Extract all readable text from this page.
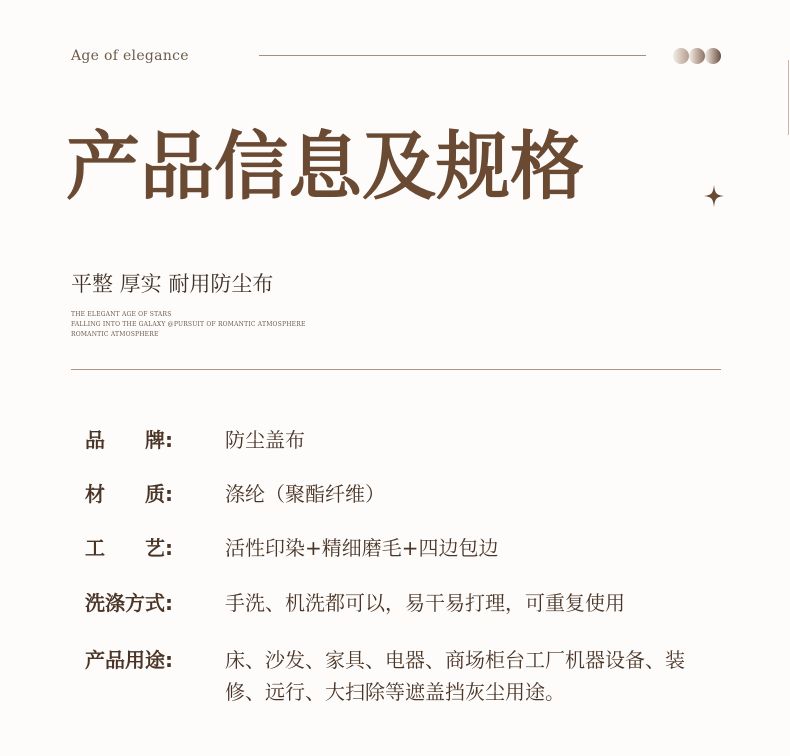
Age of elegance
产品信息及规格
平整 厚实 耐用防尘布
THE ELEGANT AGE OF STARS
FALLING INTO THE GALAXY @PURSUIT OF ROMANTIC ATMOSPHERE
ROMANTIC ATMOSPHERE
品　　牌:	防尘盖布
材　　质:	涤纶（聚酯纤维）
工　　艺:	活性印染+精细磨毛+四边包边
洗涤方式:	手洗、机洗都可以，易干易打理，可重复使用
产品用途:	床、沙发、家具、电器、商场柜台工厂机器设备、装修、远行、大扫除等遮盖挡灰尘用途。
